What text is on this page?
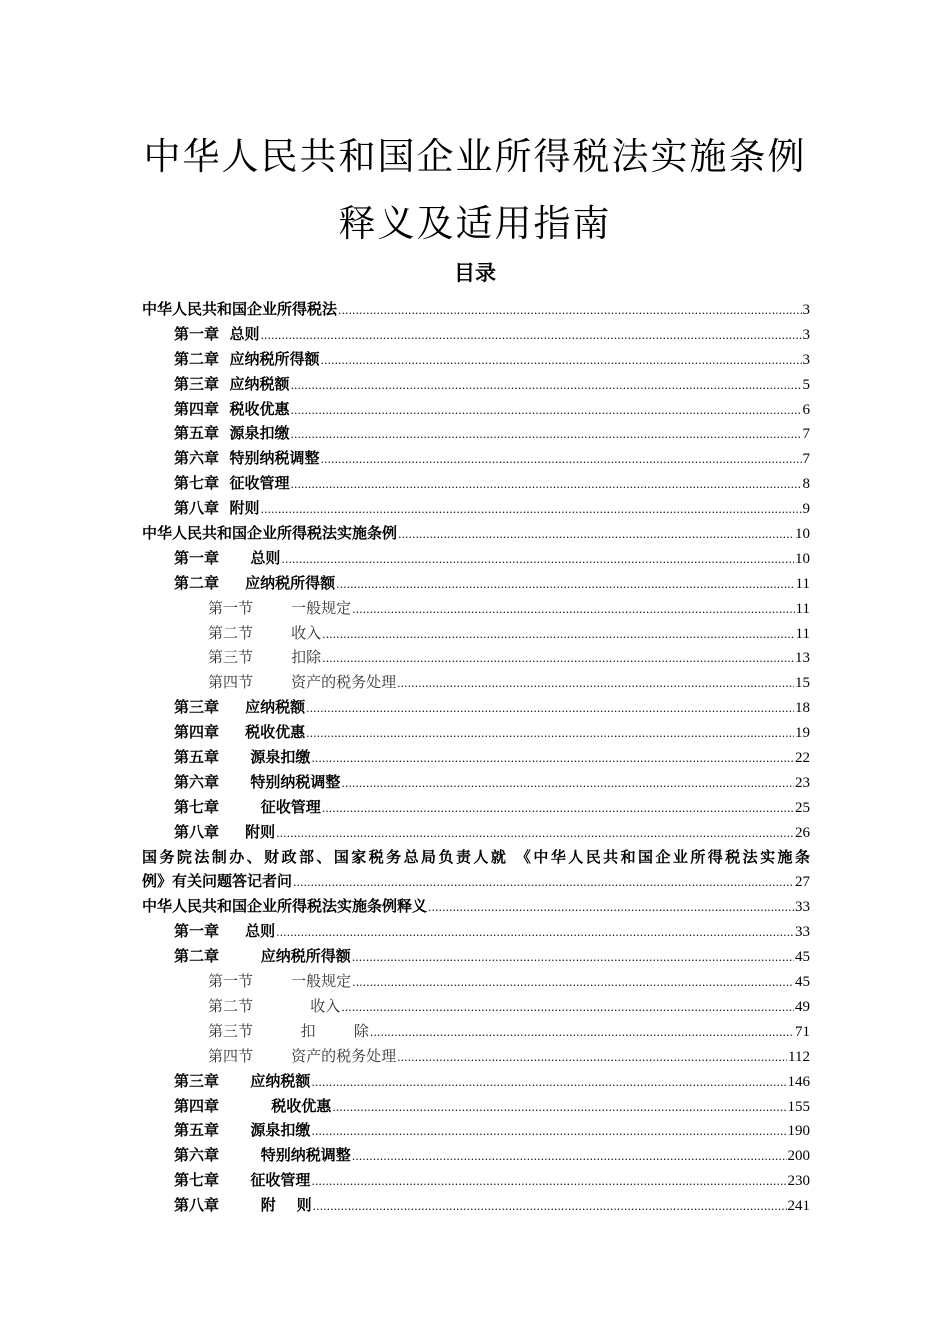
中华人民共和国企业所得税法实施条例
释义及适用指南
目录
中华人民共和国企业所得税法 .....	3
第一章  总则 .....	3
第二章  应纳税所得额 .....	3
第三章  应纳税额 .....	5
第四章  税收优惠 .....	6
第五章  源泉扣缴 .....	7
第六章  特别纳税调整 .....	7
第七章  征收管理 .....	8
第八章  附则 .....	9
中华人民共和国企业所得税法实施条例 .....	10
第一章      总则 .....	10
第二章     应纳税所得额 .....	11
第一节        一般规定 .....	11
第二节        收入 .....	11
第三节        扣除 .....	13
第四节        资产的税务处理 .....	15
第三章     应纳税额 .....	18
第四章     税收优惠 .....	19
第五章      源泉扣缴 .....	22
第六章      特别纳税调整 .....	23
第七章        征收管理 .....	25
第八章     附则 .....	26
国务院法制办、财政部、国家税务总局负责人就 《中华人民共和国企业所得税法实施条
例》有关问题答记者问 .....	27
中华人民共和国企业所得税法实施条例释义 .....	33
第一章     总则 .....	33
第二章        应纳税所得额 .....	45
第一节        一般规定 .....	45
第二节            收入 .....	49
第三节          扣        除 .....	71
第四节        资产的税务处理 .....	112
第三章      应纳税额 .....	146
第四章          税收优惠 .....	155
第五章      源泉扣缴 .....	190
第六章        特别纳税调整 .....	200
第七章      征收管理 .....	230
第八章        附    则 .....	241
